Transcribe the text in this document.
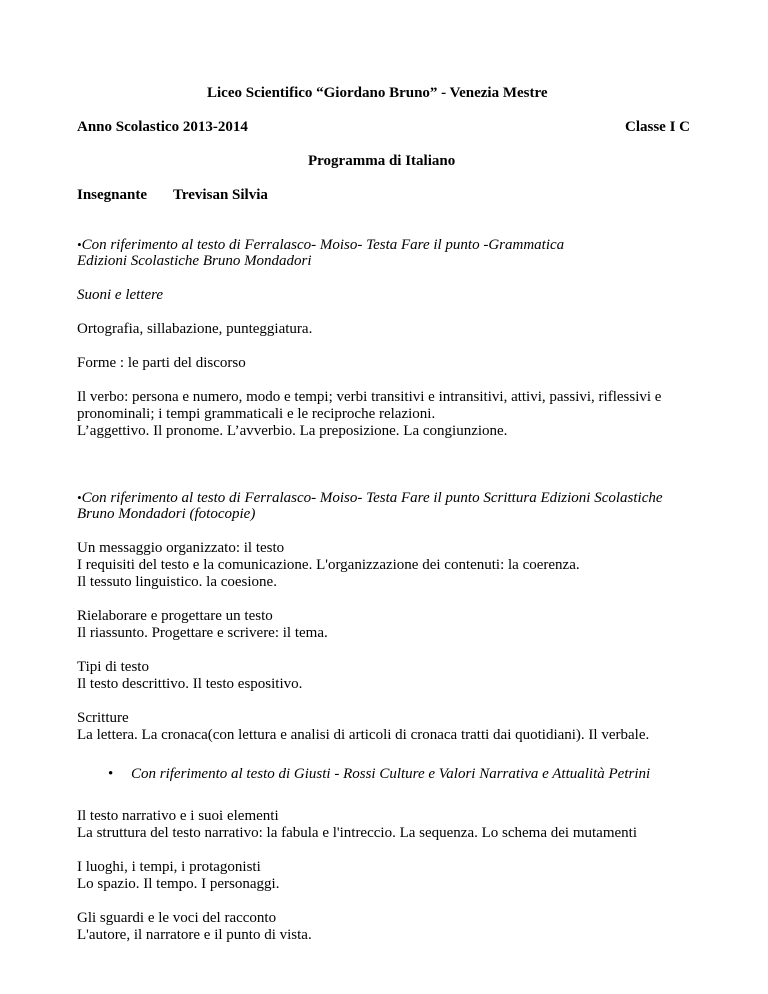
Liceo Scientifico “Giordano Bruno” - Venezia Mestre
Anno Scolastico 2013-2014	Classe I C
Programma di Italiano
Insegnante Trevisan Silvia
•Con riferimento al testo di Ferralasco- Moiso- Testa Fare il punto -Grammatica
Edizioni Scolastiche Bruno Mondadori
Suoni e lettere
Ortografia, sillabazione, punteggiatura.
Forme : le parti del discorso
Il verbo: persona e numero, modo e tempi; verbi transitivi e intransitivi, attivi, passivi, riflessivi e
pronominali; i tempi grammaticali e le reciproche relazioni.
L’aggettivo. Il pronome. L’avverbio. La preposizione. La congiunzione.
•Con riferimento al testo di Ferralasco- Moiso- Testa Fare il punto Scrittura Edizioni Scolastiche
Bruno Mondadori (fotocopie)
Un messaggio organizzato: il testo
I requisiti del testo e la comunicazione. L'organizzazione dei contenuti: la coerenza.
Il tessuto linguistico. la coesione.
Rielaborare e progettare un testo
Il riassunto. Progettare e scrivere: il tema.
Tipi di testo
Il testo descrittivo. Il testo espositivo.
Scritture
La lettera. La cronaca(con lettura e analisi di articoli di cronaca tratti dai quotidiani). Il verbale.
• Con riferimento al testo di Giusti - Rossi Culture e Valori Narrativa e Attualità Petrini
Il testo narrativo e i suoi elementi
La struttura del testo narrativo: la fabula e l'intreccio. La sequenza. Lo schema dei mutamenti
I luoghi, i tempi, i protagonisti
Lo spazio. Il tempo. I personaggi.
Gli sguardi e le voci del racconto
L'autore, il narratore e il punto di vista.
